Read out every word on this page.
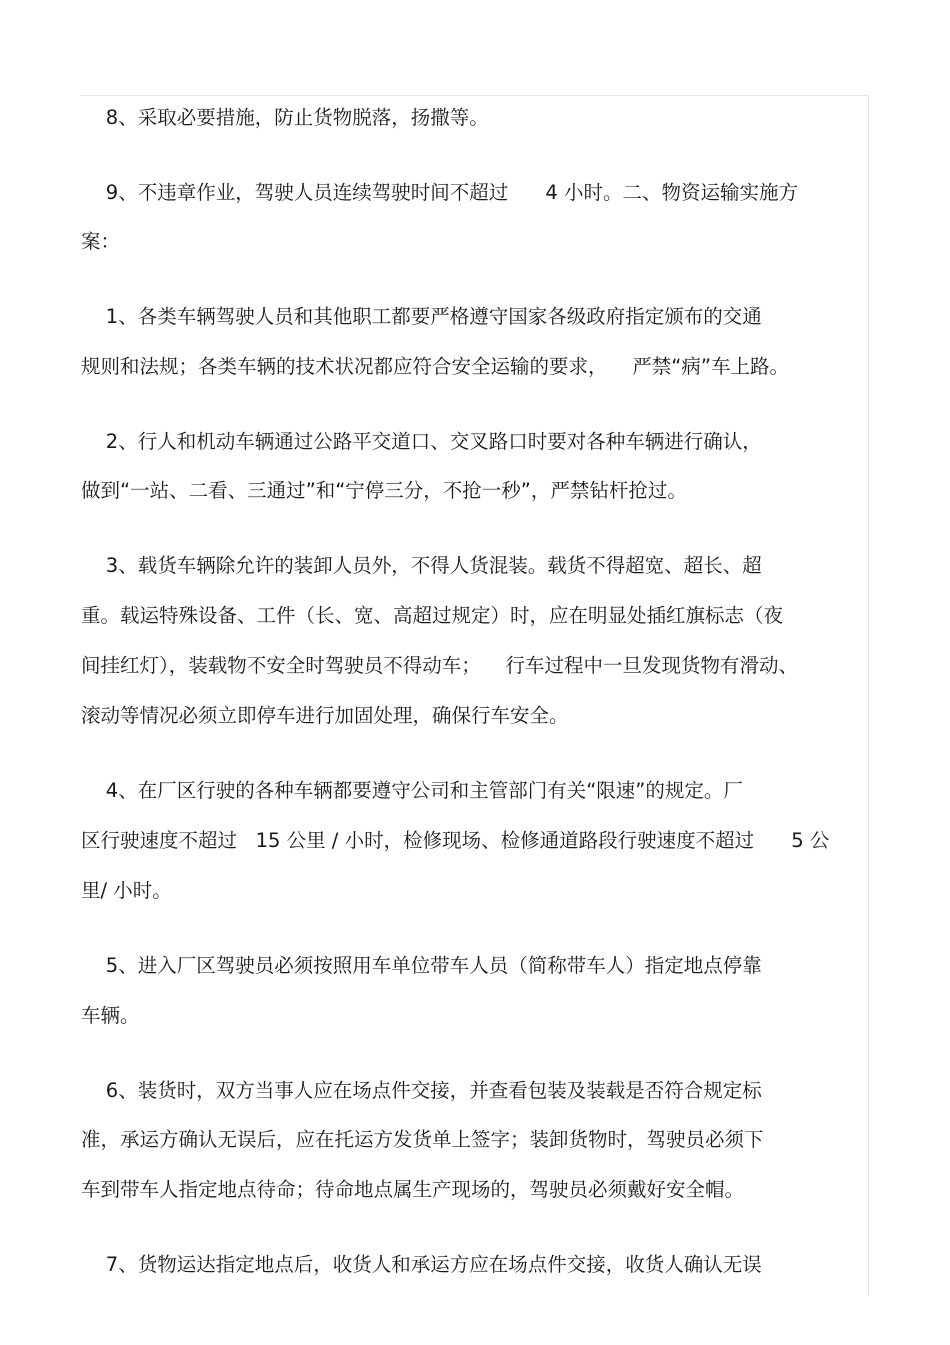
8、采取必要措施，防止货物脱落，扬撒等。
9、不违章作业，驾驶人员连续驾驶时间不超过      4 小时。二、物资运输实施方
案：
1、各类车辆驾驶人员和其他职工都要严格遵守国家各级政府指定颁布的交通
规则和法规；各类车辆的技术状况都应符合安全运输的要求，    严禁“病”车上路。
2、行人和机动车辆通过公路平交道口、交叉路口时要对各种车辆进行确认，
做到“一站、二看、三通过”和“宁停三分，不抢一秒”，严禁钻杆抢过。
3、载货车辆除允许的装卸人员外，不得人货混装。载货不得超宽、超长、超
重。载运特殊设备、工件（长、宽、高超过规定）时，应在明显处插红旗标志（夜
间挂红灯），装载物不安全时驾驶员不得动车；    行车过程中一旦发现货物有滑动、
滚动等情况必须立即停车进行加固处理，确保行车安全。
4、在厂区行驶的各种车辆都要遵守公司和主管部门有关“限速”的规定。厂
区行驶速度不超过   15 公里 / 小时，检修现场、检修通道路段行驶速度不超过      5 公
里/ 小时。
5、进入厂区驾驶员必须按照用车单位带车人员（简称带车人）指定地点停靠
车辆。
6、装货时，双方当事人应在场点件交接，并查看包装及装载是否符合规定标
准，承运方确认无误后，应在托运方发货单上签字；装卸货物时，驾驶员必须下
车到带车人指定地点待命；待命地点属生产现场的，驾驶员必须戴好安全帽。
7、货物运达指定地点后，收货人和承运方应在场点件交接，收货人确认无误
